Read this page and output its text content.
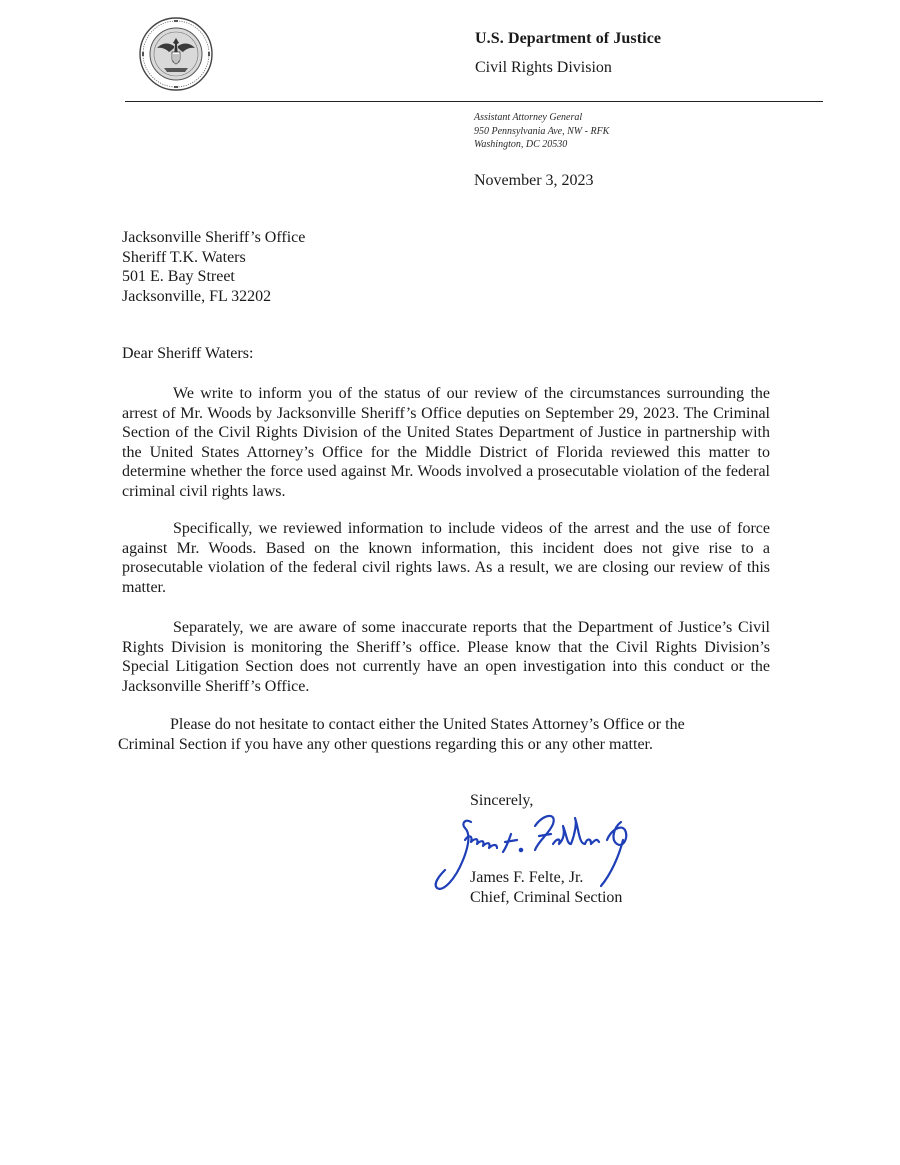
U.S. Department of Justice
Civil Rights Division
Assistant Attorney General
950 Pennsylvania Ave, NW - RFK
Washington, DC 20530
November 3, 2023
Jacksonville Sheriff’s Office
Sheriff T.K. Waters
501 E. Bay Street
Jacksonville, FL 32202
Dear Sheriff Waters:

We write to inform you of the status of our review of the circumstances surrounding the arrest of Mr. Woods by Jacksonville Sheriff’s Office deputies on September 29, 2023. The Criminal Section of the Civil Rights Division of the United States Department of Justice in partnership with the United States Attorney’s Office for the Middle District of Florida reviewed this matter to determine whether the force used against Mr. Woods involved a prosecutable violation of the federal criminal civil rights laws.

Specifically, we reviewed information to include videos of the arrest and the use of force against Mr. Woods. Based on the known information, this incident does not give rise to a prosecutable violation of the federal civil rights laws. As a result, we are closing our review of this matter.

Separately, we are aware of some inaccurate reports that the Department of Justice’s Civil Rights Division is monitoring the Sheriff’s office. Please know that the Civil Rights Division’s Special Litigation Section does not currently have an open investigation into this conduct or the Jacksonville Sheriff’s Office.

Please do not hesitate to contact either the United States Attorney’s Office or the Criminal Section if you have any other questions regarding this or any other matter.

Sincerely,
James F. Felte, Jr.
Chief, Criminal Section
